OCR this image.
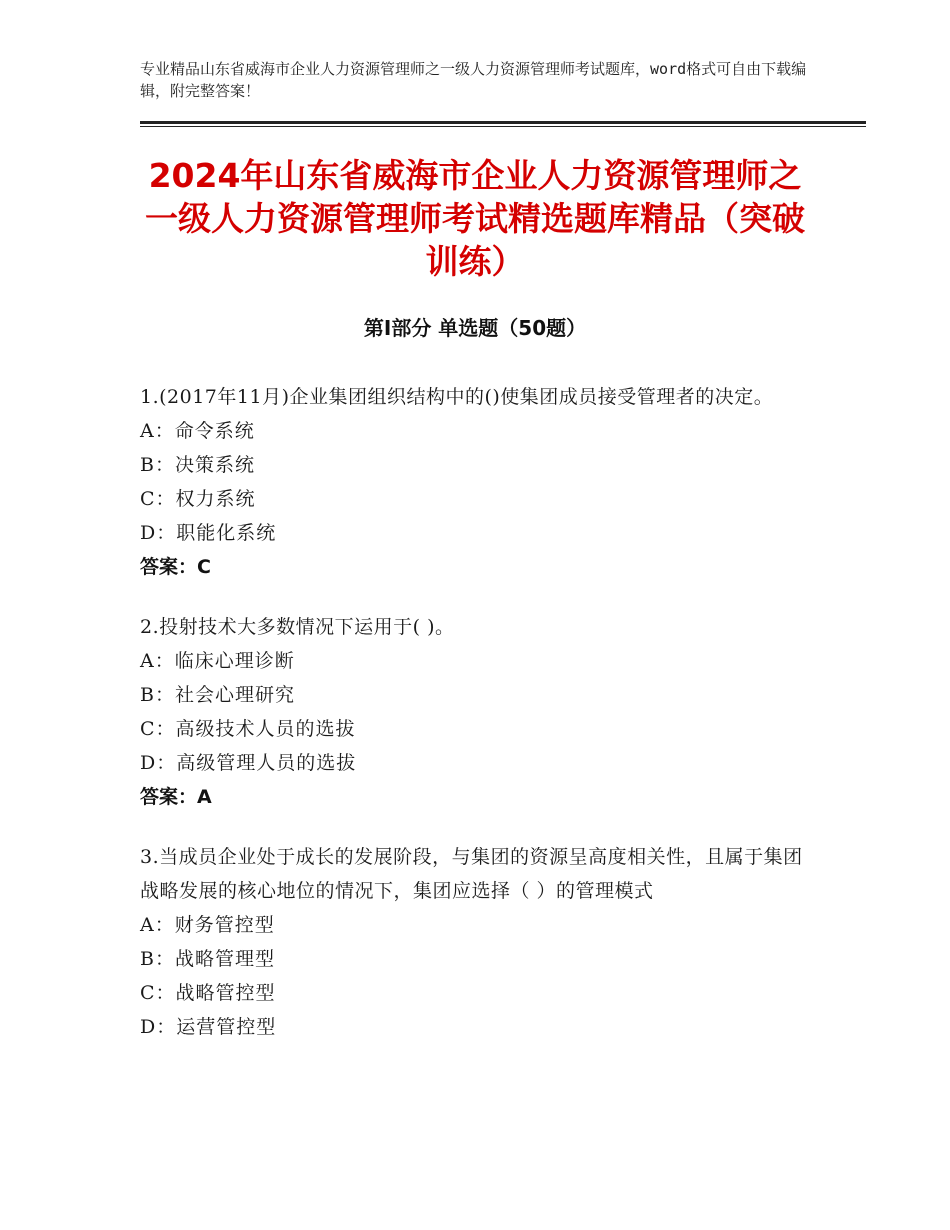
专业精品山东省威海市企业人力资源管理师之一级人力资源管理师考试题库，word格式可自由下载编辑，附完整答案！
2024年山东省威海市企业人力资源管理师之一级人力资源管理师考试精选题库精品（突破训练）
第Ⅰ部分 单选题（50题）
1.(2017年11月)企业集团组织结构中的()使集团成员接受管理者的决定。
A：命令系统
B：决策系统
C：权力系统
D：职能化系统
答案：C
2.投射技术大多数情况下运用于( )。
A：临床心理诊断
B：社会心理研究
C：高级技术人员的选拔
D：高级管理人员的选拔
答案：A
3.当成员企业处于成长的发展阶段，与集团的资源呈高度相关性，且属于集团战略发展的核心地位的情况下，集团应选择（ ）的管理模式
A：财务管控型
B：战略管理型
C：战略管控型
D：运营管控型
